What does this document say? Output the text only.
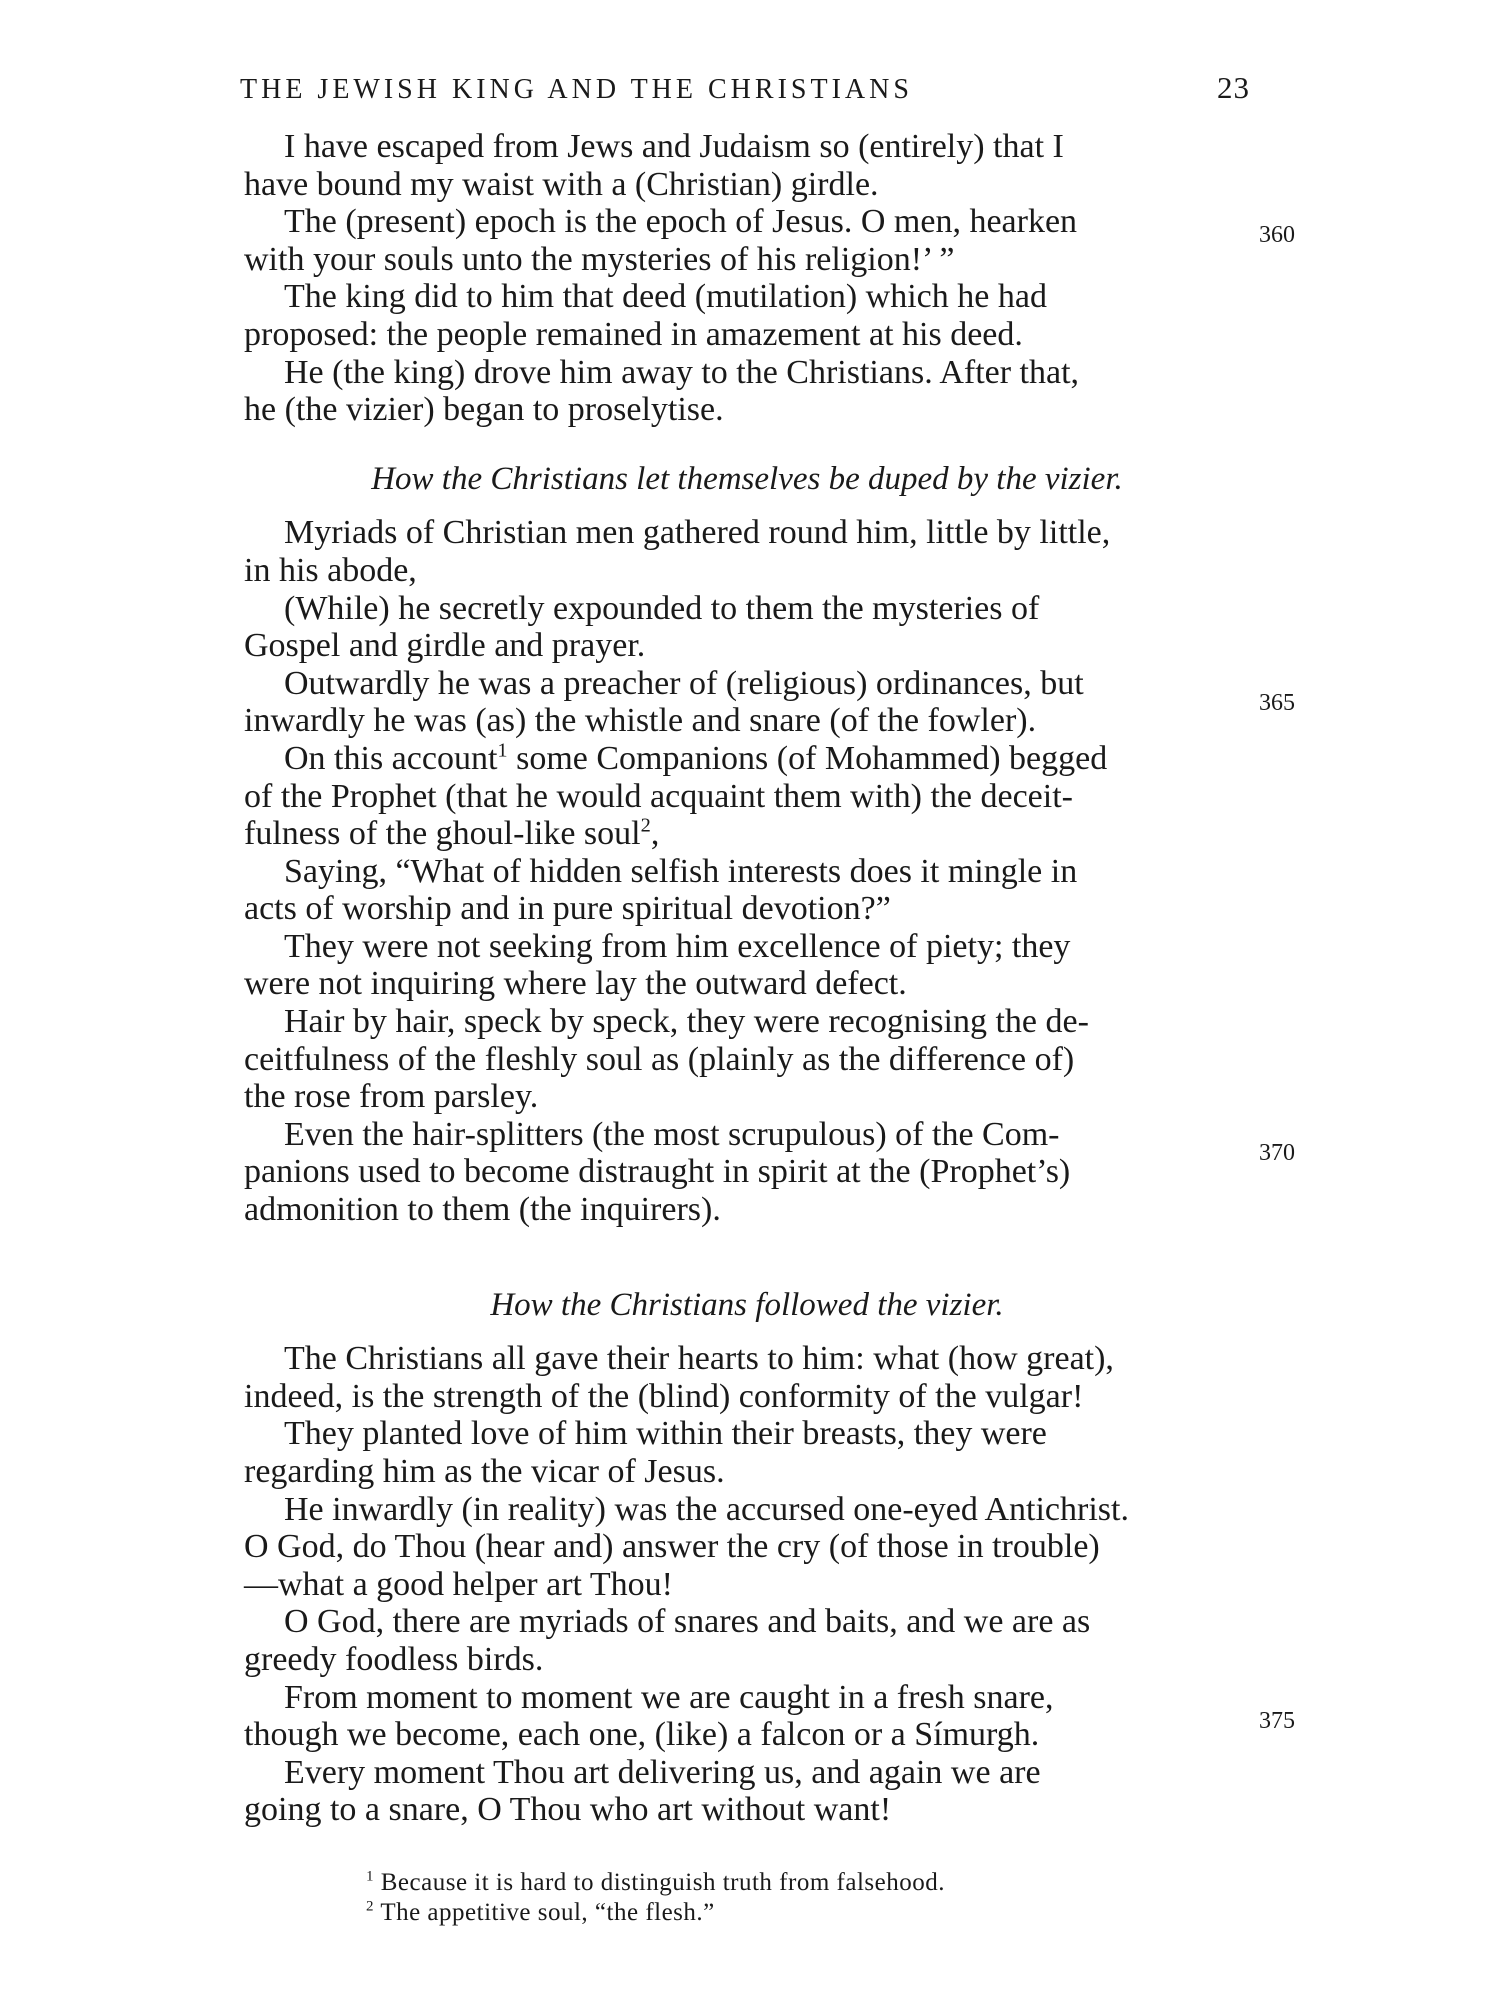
THE JEWISH KING AND THE CHRISTIANS	23

I have escaped from Jews and Judaism so (entirely) that I
have bound my waist with a (Christian) girdle.

The (present) epoch is the epoch of Jesus. O men, hearken
with your souls unto the mysteries of his religion!’ ”

The king did to him that deed (mutilation) which he had
proposed: the people remained in amazement at his deed.

He (the king) drove him away to the Christians. After that,
he (the vizier) began to proselytise.

How the Christians let themselves be duped by the vizier.

Myriads of Christian men gathered round him, little by little,
in his abode,

(While) he secretly expounded to them the mysteries of
Gospel and girdle and prayer.

Outwardly he was a preacher of (religious) ordinances, but
inwardly he was (as) the whistle and snare (of the fowler).

On this account$^1$ some Companions (of Mohammed) begged
of the Prophet (that he would acquaint them with) the deceit-
fulness of the ghoul-like soul$^2$,

Saying, “What of hidden selfish interests does it mingle in
acts of worship and in pure spiritual devotion?”

They were not seeking from him excellence of piety; they
were not inquiring where lay the outward defect.

Hair by hair, speck by speck, they were recognising the de-
ceitfulness of the fleshly soul as (plainly as the difference of)
the rose from parsley.

Even the hair-splitters (the most scrupulous) of the Com-
panions used to become distraught in spirit at the (Prophet’s)
admonition to them (the inquirers).

How the Christians followed the vizier.

The Christians all gave their hearts to him: what (how great),
indeed, is the strength of the (blind) conformity of the vulgar!

They planted love of him within their breasts, they were
regarding him as the vicar of Jesus.

He inwardly (in reality) was the accursed one-eyed Antichrist.
O God, do Thou (hear and) answer the cry (of those in trouble)
—what a good helper art Thou!

O God, there are myriads of snares and baits, and we are as
greedy foodless birds.

From moment to moment we are caught in a fresh snare,
though we become, each one, (like) a falcon or a Símurgh.

Every moment Thou art delivering us, and again we are
going to a snare, O Thou who art without want!

360
365
370
375
$^1$ Because it is hard to distinguish truth from falsehood.
$^2$ The appetitive soul, “the flesh.”
